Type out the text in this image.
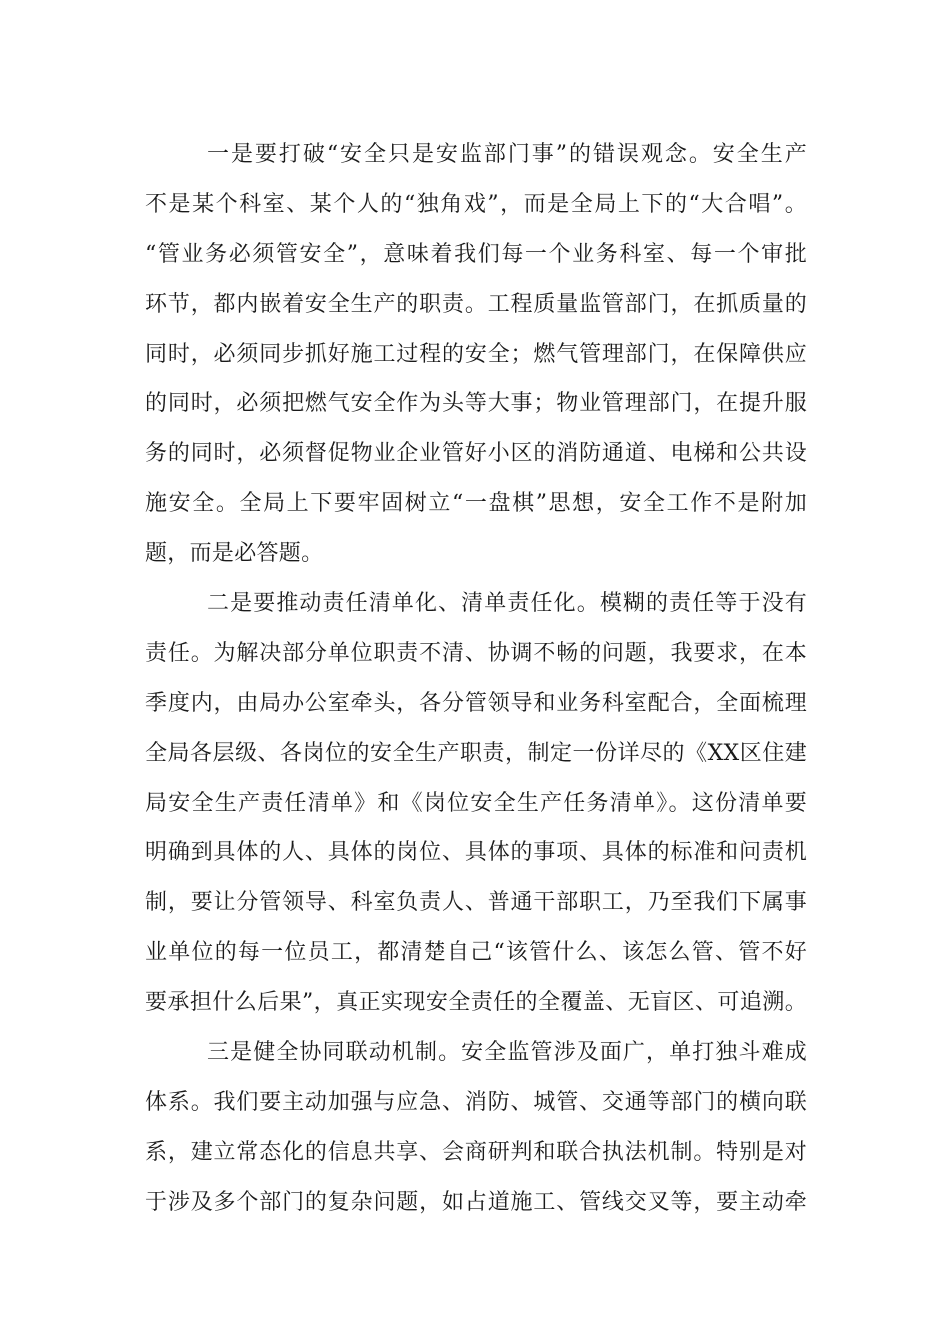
一是要打破“安全只是安监部门事”的错误观念。安全生产
不是某个科室、某个人的“独角戏”，而是全局上下的“大合唱”。
“管业务必须管安全”，意味着我们每一个业务科室、每一个审批
环节，都内嵌着安全生产的职责。工程质量监管部门，在抓质量的
同时，必须同步抓好施工过程的安全；燃气管理部门，在保障供应
的同时，必须把燃气安全作为头等大事；物业管理部门，在提升服
务的同时，必须督促物业企业管好小区的消防通道、电梯和公共设
施安全。全局上下要牢固树立“一盘棋”思想，安全工作不是附加
题，而是必答题。
二是要推动责任清单化、清单责任化。模糊的责任等于没有
责任。为解决部分单位职责不清、协调不畅的问题，我要求，在本
季度内，由局办公室牵头，各分管领导和业务科室配合，全面梳理
全局各层级、各岗位的安全生产职责，制定一份详尽的《XX区住建
局安全生产责任清单》和《岗位安全生产任务清单》。这份清单要
明确到具体的人、具体的岗位、具体的事项、具体的标准和问责机
制，要让分管领导、科室负责人、普通干部职工，乃至我们下属事
业单位的每一位员工，都清楚自己“该管什么、该怎么管、管不好
要承担什么后果”，真正实现安全责任的全覆盖、无盲区、可追溯。
三是健全协同联动机制。安全监管涉及面广，单打独斗难成
体系。我们要主动加强与应急、消防、城管、交通等部门的横向联
系，建立常态化的信息共享、会商研判和联合执法机制。特别是对
于涉及多个部门的复杂问题，如占道施工、管线交叉等，要主动牵
